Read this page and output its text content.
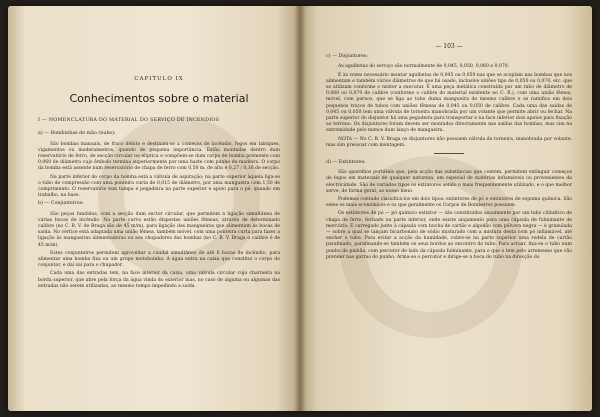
CAPITULO IX
Conhecimentos sobre o material
I — NOMENCLATURA DO MATERIAL DO SERVIÇO DE INCENDIOS
a) — Bombinhas de mão (nubs):

São bombas manuais, de fraco débito e destinam-se a começos de incêndio, fogos em tabiques, vigamentos ou moderamentos, quando de pequena importância. Estão montadas dentro dum reservatório de ferro, de secção circular ou elíptica e compõem-se dum corpo de bomba prémente com 0,060 de diâmetro cujo êmbolo termina superiormente por uma haste com punho de madeira. O corpo da bomba está assente num reservatório de chapa de ferro com 0,50 m. de alto e 0,27 / 0,16 de secção.

Na parte inferior do corpo da bomba está a válvula de aspiração; na parte superior àquela liga-se o tubo de compressão com uma ponteira curta de 0,015 de diâmetro, por uma mangueira com 1,50 de comprimento. O reservatório tem tampa e pegadeira na parte superior e apoio para o pé, quando em trabalho, na base.

b) — Conjunteiros:

São peças fundidas, com a secção dum sector circular, que permitem a ligação simultânea de várias bocas de incêndio. Na parte curva estão dispostas uniões fêmeas, através de determinado calibre (no C. B. V. de Braga são de 45 m/m), para ligação das mangueiras que alimentam as bocas de saída. No vértice está adaptada uma união fêmea, também móvel, com uma ponteira curta para fazer a ligação às mangueiras alimentadoras ou aos chupadores das bombas (no C. B. V. Braga o calibre é de 45 m/m).

Estes conjunteiros permitem aproveitar a caudal simultâneo de até 6 bocas de incêndio, para alimentar uma bomba fixa ou um grupo motobomba. A água entra na caixa que constitui o corpo do conjuntor, e daí sai para o chupador.

Cada uma das entradas tem, na face interior da caixa, uma válvula circular cujo charneira na borda superior, que abre pela força da água vinda do exterior mas, no caso de alguma ou algumas das entradas não serem utilizadas, ao mesmo tempo impedindo a saída.

— 103 —
c) — Disjuntores:

As agulhetas do serviço são normalmente de 0,045, 0,050, 0,060 e 0,070.

É às vezes necessário montar agulhetas de 0,045 ou 0,050 nas que se acoplam nas bombas que nos alimentam e também vários diâmetros de que há usado, inclusive uniões tipo de 0,050 ou 0,070, etc. que se utilizam conforme o mister a executar. É uma peça metálica construída por um tubo de diâmetro de 0,060 ou 0,070 de calibre (conforme o calibre do material existente no C. B.), com uma união fêmea, móvel, com pernos, que se liga ao tubo duma mangueira de mesmo calibre e se ramifica em dois pequenos troços de tubos com uniões fêmeas de 0,045 ou 0,050 de calibre. Cada uma das saídas de 0,045 ou 0,050 tem uma válvula de torneira manobrada por um volante que permite abrir ou fechar. Na parte superior do disjuntor há uma pegadeira para transportar e na face inferior dois apoios para fixação ao terreno. Os disjuntores foram devem ser montados directamente nas saídas das bombas, mas sim na extremidade pelo menos dum lanço de mangueira.

NOTA — No C. B. V. Braga os disjuntores não possuem válvula de torneira, manobrada por volante, mas sim pressoar com montagem.

d) — Extintores:

São aparelhos portáteis que, pela acção das substâncias que contém, permitem extinguir começos de fogos em materiais de qualquer natureza, em especial de matérias inflamáveis ou provenientes da electricidade. São de variados tipos os extintores sendo o mais frequentemente utilizado, e o que melhor serve, de forma geral, ao nosso meio.

Podemos contudo classificá-los em dois tipos: extintores de pó e extintores de espuma química. São estes os mais económicos e os que geralmente os Corpos de Bombeiros possuem.

Os extintores de pó — pó químico extintor — são constituídos usualmente por um tubo cilíndrico de chapa de ferro, fechado na parte inferior, onde existe alojamento para uma cápsula de fulminante de mercúrio. É carregado junto à cápsula com bucha de cartão e algodão com pólvora negra — é granulada — sobre a qual se lançam bicarbonato de sódio misturado com a mistura desta com pó inflamável, até encher o tubo. Para evitar a acção da humidade, cobre-se na parte superior uma rodela de cartão parafinado, parafinando-se também os seus bordos ao encontro do tubo. Para actuar, fixa-se o tubo num punho de pinhão, com percutor de lado da cápsula fulminante, para o que o tem pelo arremesso que vão prender nas garras do punho. Arma-se o percutor e dirige-se a boca do tubo na direcção do
